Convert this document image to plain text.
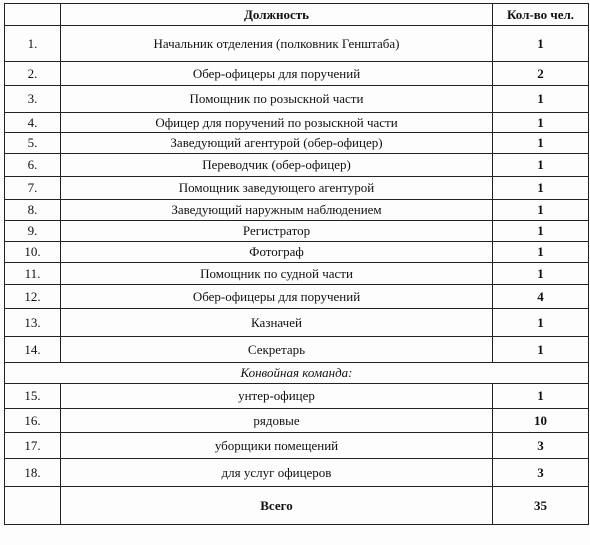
	Должность	Кол-во чел.
1.	Начальник отделения (полковник Генштаба)	1
2.	Обер-офицеры для поручений	2
3.	Помощник по розыскной части	1
4.	Офицер для поручений по розыскной части	1
5.	Заведующий агентурой (обер-офицер)	1
6.	Переводчик (обер-офицер)	1
7.	Помощник заведующего агентурой	1
8.	Заведующий наружным наблюдением	1
9.	Регистратор	1
10.	Фотограф	1
11.	Помощник по судной части	1
12.	Обер-офицеры для поручений	4
13.	Казначей	1
14.	Секретарь	1
Конвойная команда:		
15.	унтер-офицер	1
16.	рядовые	10
17.	уборщики помещений	3
18.	для услуг офицеров	3
	Всего	35
